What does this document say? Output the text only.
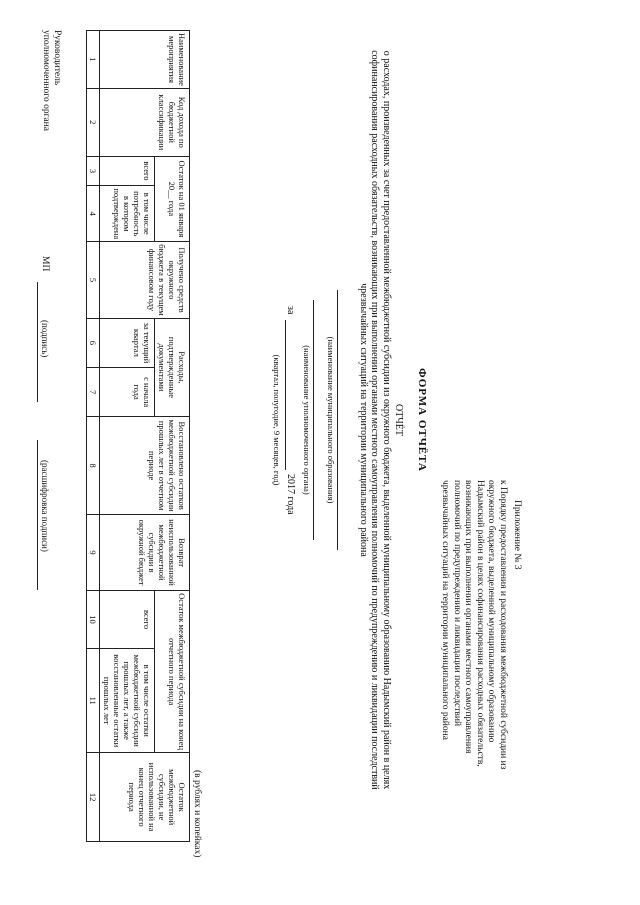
Приложение № 3
к Порядку предоставления и расходования межбюджетной субсидии из окружного бюджета, выделенной муниципальному образованию Надымский район в целях софинансирования расходных обязательств, возникающих при выполнении органами местного самоуправления полномочий по предупреждению и ликвидации последствий чрезвычайных ситуаций на территории муниципального района
ФОРМА ОТЧЁТА
ОТЧЁТ
о расходах, произведенных за счет предоставленной межбюджетной субсидии из окружного бюджета, выделенной муниципальному образованию Надымский район в целях софинансирования расходных обязательств, возникающих при выполнении органами местного самоуправления полномочий по предупреждению и ликвидации последствий чрезвычайных ситуаций на территории муниципального района
(наименование муниципального образования)
(наименование уполномоченного органа)
за
2017 года
(квартал, полугодие, 9 месяцев, год)
(в рублях и копейках)
Наименование мероприятия	Код дохода по бюджетной классификации	Остаток на 01 января 20__ года		Получено средств окружного бюджета в текущем финансовом году	Расходы, подтвержденные документами		Восстановлено остатков межбюджетной субсидии прошлых лет в отчетном периоде	Возврат неиспользованной межбюджетной субсидии в окружной бюджет	Остаток межбюджетной субсидии на конец отчетного периода		Остаток межбюджетной субсидии, не использованной на конец отчетного периода
		всего	в том числе потребность в котором подтверждена		за текущий квартал	с начала года			всего	в том числе остатки межбюджетной субсидии прошлых лет, а также восстановленные остатки прошлых лет	
1	2	3	4	5	6	7	8	9	10	11	12
Руководитель уполномоченного органа
МП
(подпись)
(расшифровка подписи)
